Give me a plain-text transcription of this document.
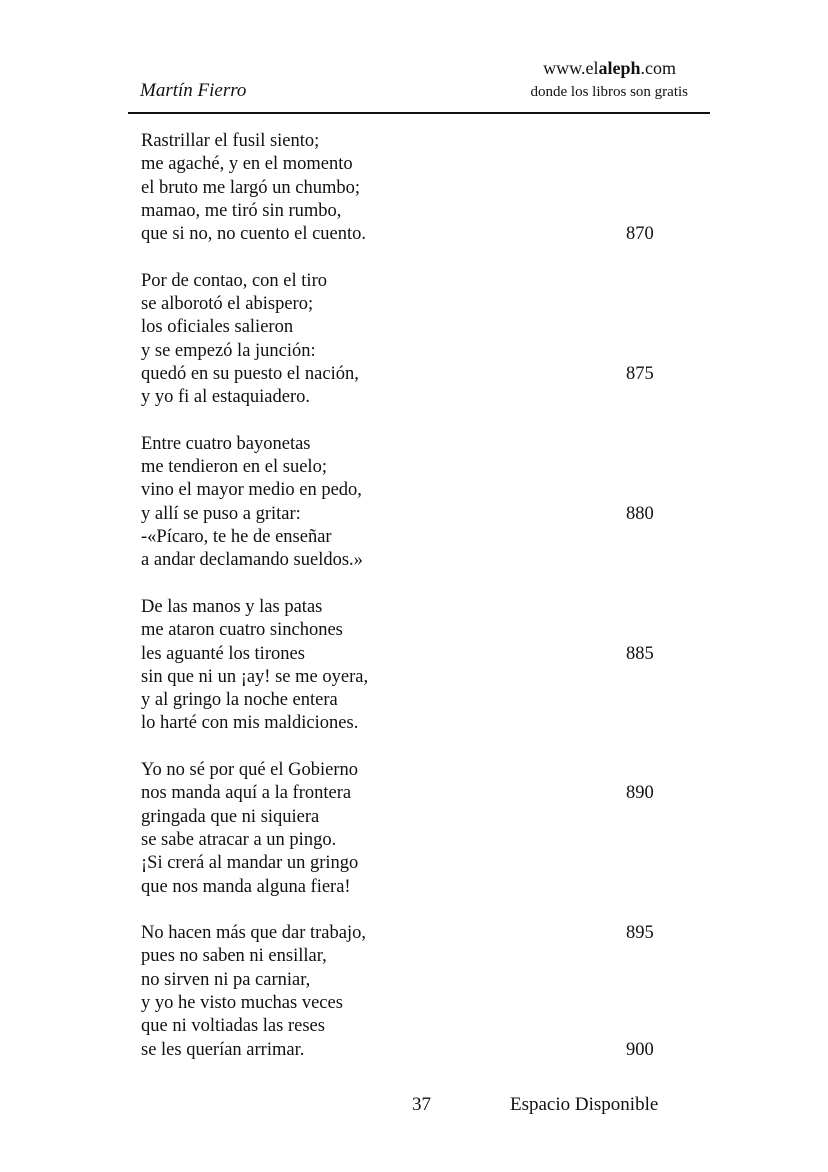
Martín Fierro
www.elaleph.com
donde los libros son gratis
Rastrillar el fusil siento;
me agaché, y en el momento
el bruto me largó un chumbo;
mamao, me tiró sin rumbo,
que si no, no cuento el cuento.	870
Por de contao, con el tiro
se alborotó el abispero;
los oficiales salieron
y se empezó la junción:
quedó en su puesto el nación,	875
y yo fi al estaquiadero.
Entre cuatro bayonetas
me tendieron en el suelo;
vino el mayor medio en pedo,
y allí se puso a gritar:	880
-«Pícaro, te he de enseñar
a andar declamando sueldos.»
De las manos y las patas
me ataron cuatro sinchones
les aguanté los tirones	885
sin que ni un ¡ay! se me oyera,
y al gringo la noche entera
lo harté con mis maldiciones.
Yo no sé por qué el Gobierno
nos manda aquí a la frontera	890
gringada que ni siquiera
se sabe atracar a un pingo.
¡Si crerá al mandar un gringo
que nos manda alguna fiera!
No hacen más que dar trabajo,	895
pues no saben ni ensillar,
no sirven ni pa carniar,
y yo he visto muchas veces
que ni voltiadas las reses
se les querían arrimar.	900
37	Espacio Disponible
